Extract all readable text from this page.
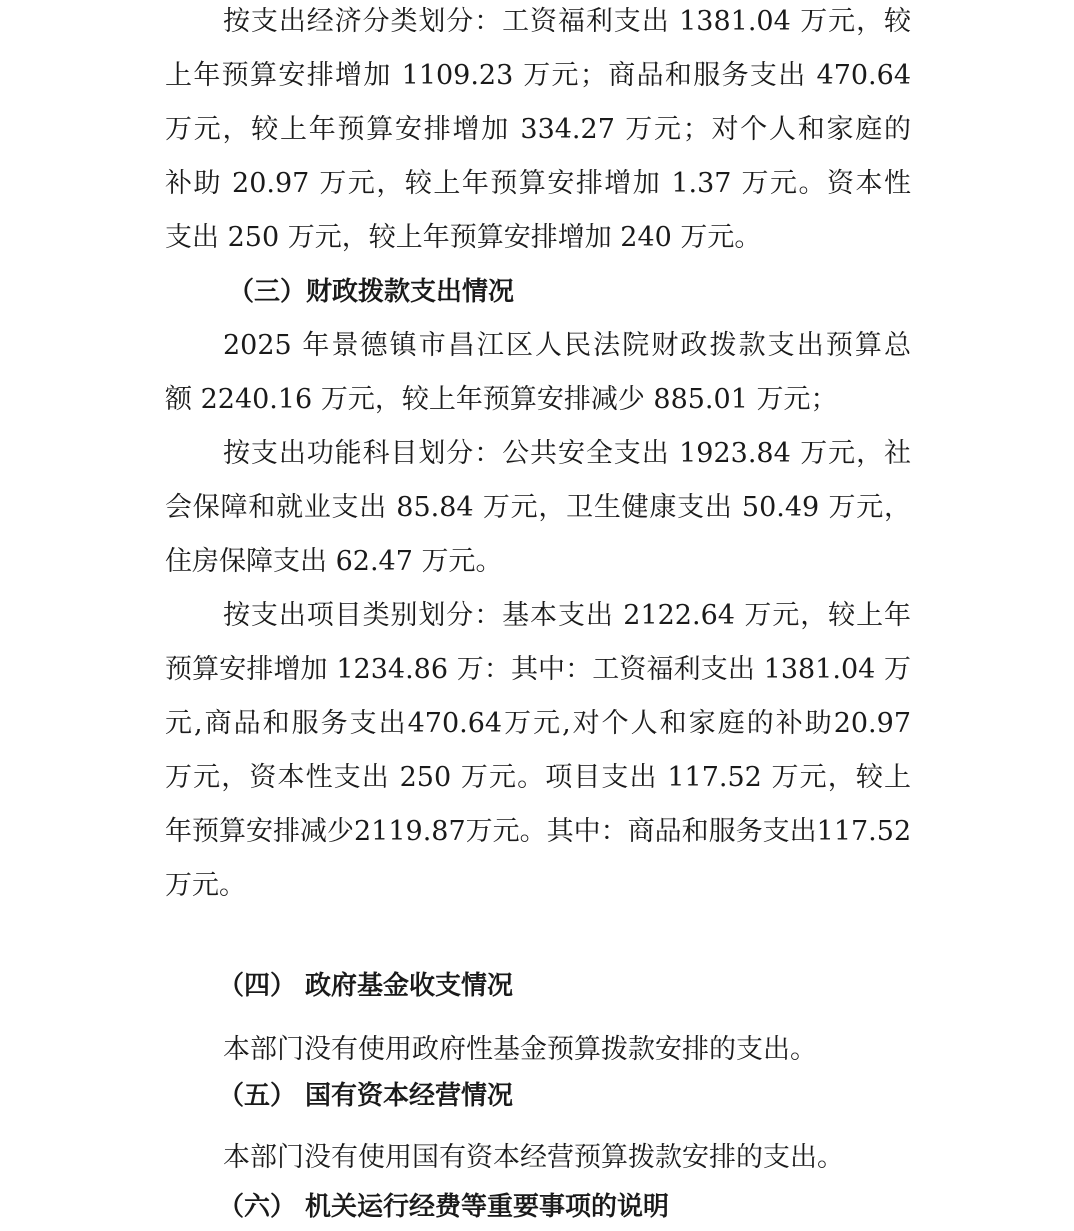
按支出经济分类划分：工资福利支出 1381.04 万元，较
上年预算安排增加 1109.23 万元；商品和服务支出 470.64
万元，较上年预算安排增加 334.27 万元；对个人和家庭的
补助 20.97 万元，较上年预算安排增加 1.37 万元。资本性
支出 250 万元，较上年预算安排增加 240 万元。
（三）财政拨款支出情况
2025 年景德镇市昌江区人民法院财政拨款支出预算总
额 2240.16 万元，较上年预算安排减少 885.01 万元；
按支出功能科目划分：公共安全支出 1923.84 万元，社
会保障和就业支出 85.84 万元，卫生健康支出 50.49 万元，
住房保障支出 62.47 万元。
按支出项目类别划分：基本支出 2122.64 万元，较上年
预算安排增加 1234.86 万：其中：工资福利支出 1381.04 万
元,商品和服务支出470.64万元,对个人和家庭的补助20.97
万元，资本性支出 250 万元。项目支出 117.52 万元，较上
年预算安排减少2119.87万元。其中：商品和服务支出117.52
万元。
（四） 政府基金收支情况
本部门没有使用政府性基金预算拨款安排的支出。
（五） 国有资本经营情况
本部门没有使用国有资本经营预算拨款安排的支出。
（六） 机关运行经费等重要事项的说明
